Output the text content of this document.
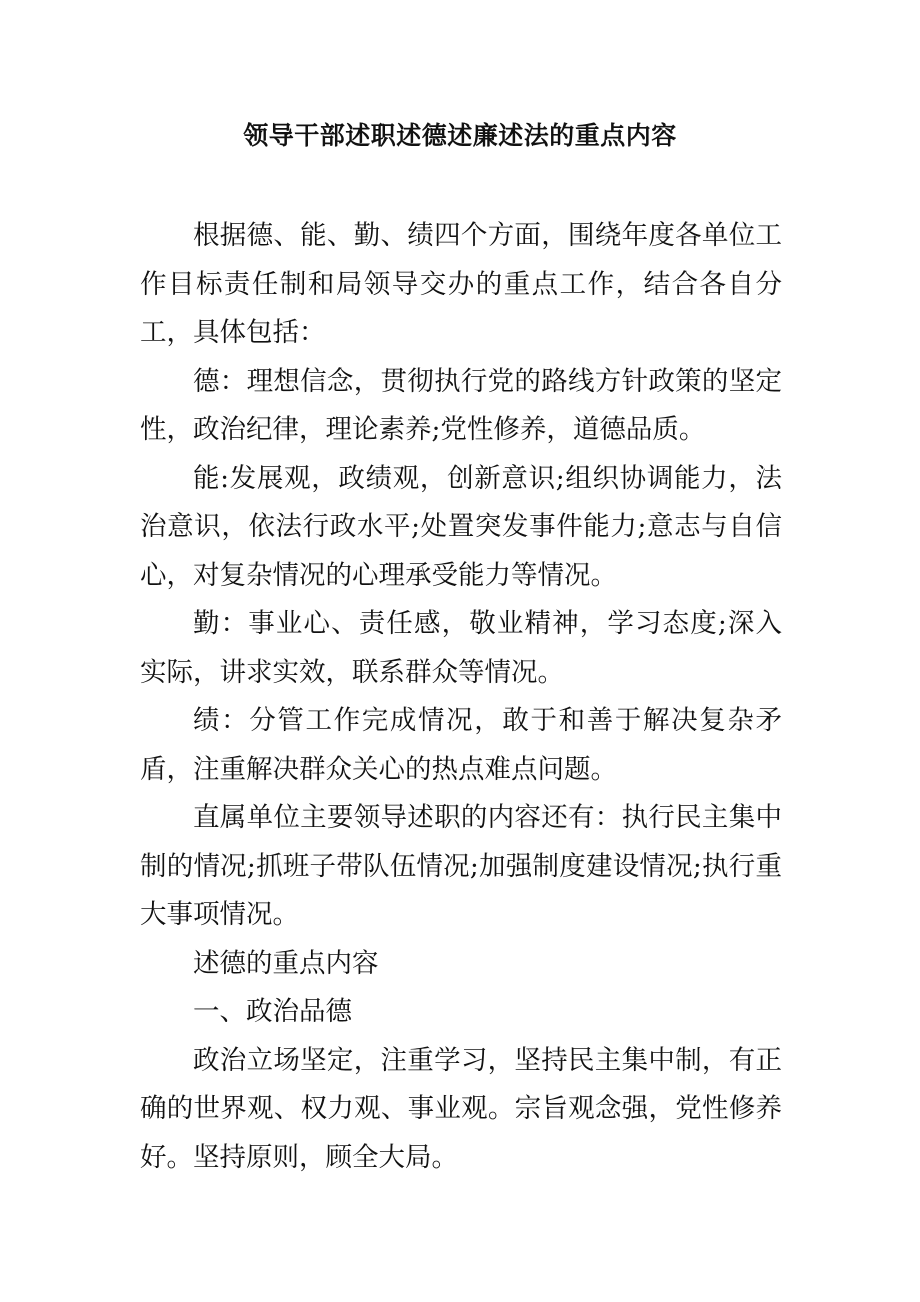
领导干部述职述德述廉述法的重点内容

根据德、能、勤、绩四个方面，围绕年度各单位工作目标责任制和局领导交办的重点工作，结合各自分工，具体包括：

德：理想信念，贯彻执行党的路线方针政策的坚定性，政治纪律，理论素养;党性修养，道德品质。

能:发展观，政绩观，创新意识;组织协调能力，法治意识，依法行政水平;处置突发事件能力;意志与自信心，对复杂情况的心理承受能力等情况。

勤：事业心、责任感，敬业精神，学习态度;深入实际，讲求实效，联系群众等情况。

绩：分管工作完成情况，敢于和善于解决复杂矛盾，注重解决群众关心的热点难点问题。

直属单位主要领导述职的内容还有：执行民主集中制的情况;抓班子带队伍情况;加强制度建设情况;执行重大事项情况。

述德的重点内容

一、政治品德

政治立场坚定，注重学习，坚持民主集中制，有正确的世界观、权力观、事业观。宗旨观念强，党性修养好。坚持原则，顾全大局。
